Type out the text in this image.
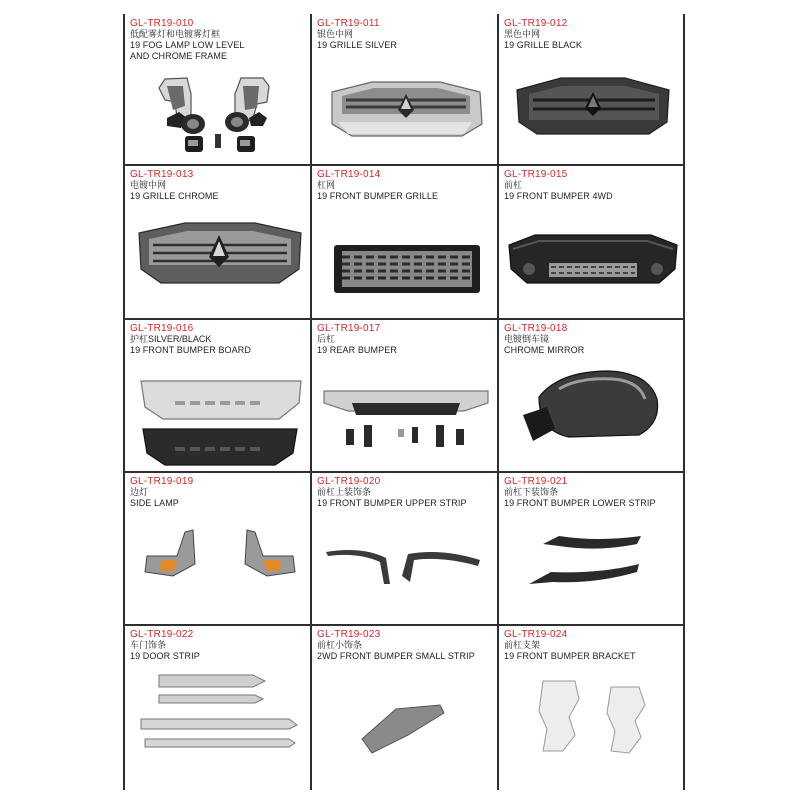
GL-TR19-010
低配雾灯和电镀雾灯框
19 FOG LAMP LOW LEVEL
AND CHROME FRAME
GL-TR19-011
银色中网
19 GRILLE SILVER
GL-TR19-012
黑色中网
19 GRILLE BLACK
GL-TR19-013
电镀中网
19 GRILLE CHROME
GL-TR19-014
杠网
19 FRONT BUMPER GRILLE
GL-TR19-015
前杠
19 FRONT BUMPER 4WD
GL-TR19-016
护杠SILVER/BLACK
19 FRONT BUMPER BOARD
GL-TR19-017
后杠
19 REAR BUMPER
GL-TR19-018
电镀倒车镜
CHROME MIRROR
GL-TR19-019
边灯
SIDE LAMP
GL-TR19-020
前杠上装饰条
19 FRONT BUMPER UPPER STRIP
GL-TR19-021
前杠下装饰条
19 FRONT BUMPER LOWER STRIP
GL-TR19-022
车门饰条
19 DOOR STRIP
GL-TR19-023
前杠小饰条
2WD FRONT BUMPER SMALL STRIP
GL-TR19-024
前杠支架
19 FRONT BUMPER BRACKET
